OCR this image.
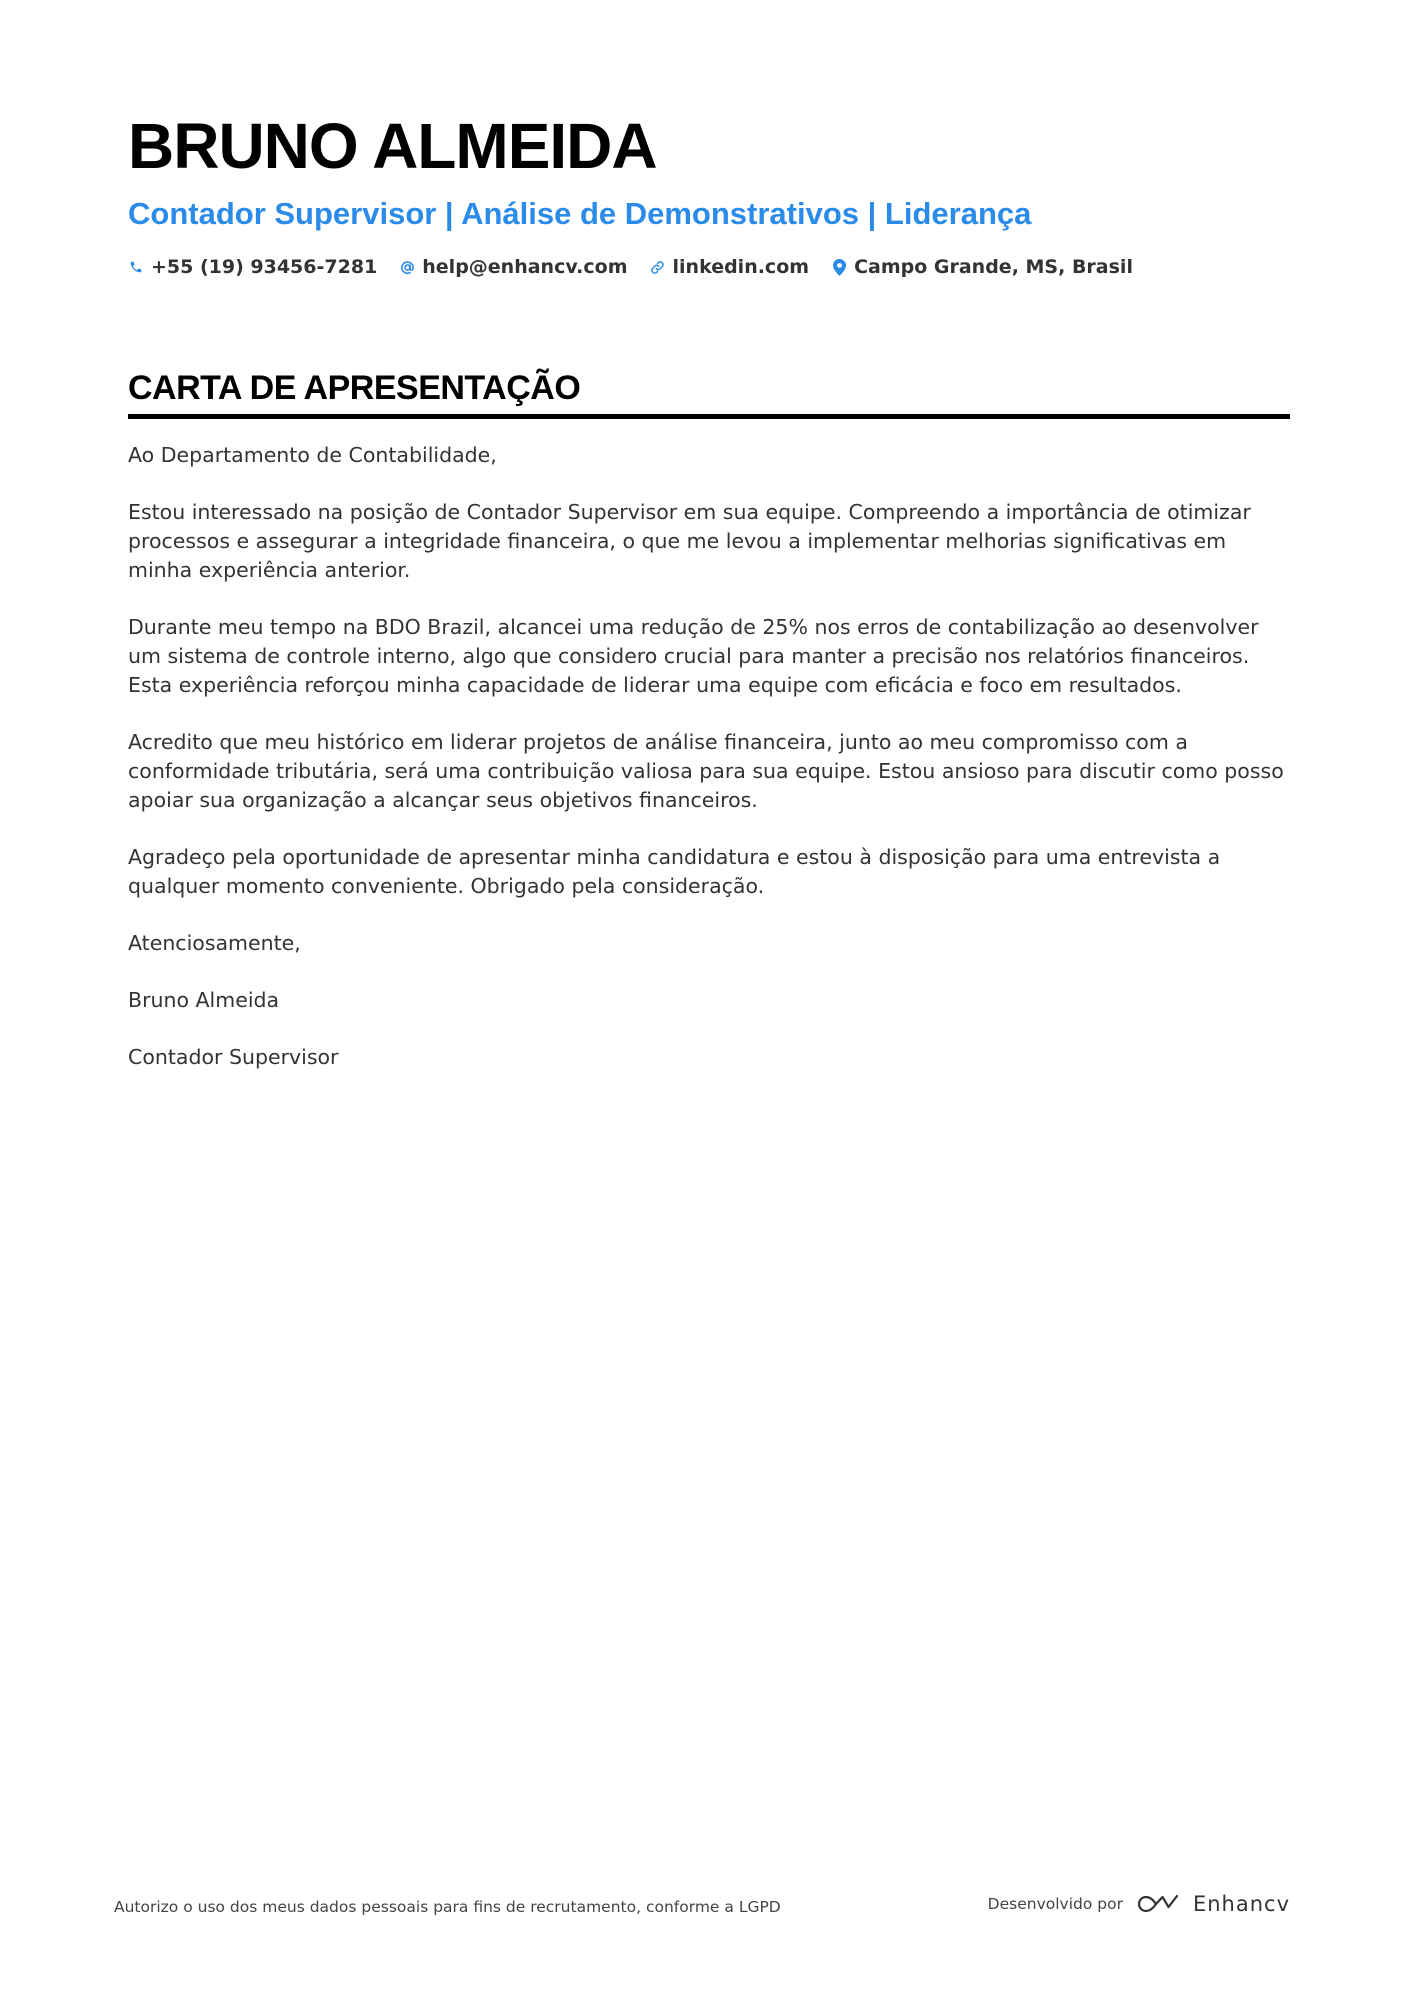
BRUNO ALMEIDA
Contador Supervisor | Análise de Demonstrativos | Liderança
+55 (19) 93456-7281 help@enhancv.com linkedin.com Campo Grande, MS, Brasil
CARTA DE APRESENTAÇÃO

Ao Departamento de Contabilidade,

Estou interessado na posição de Contador Supervisor em sua equipe. Compreendo a importância de otimizar processos e assegurar a integridade financeira, o que me levou a implementar melhorias significativas em minha experiência anterior.

Durante meu tempo na BDO Brazil, alcancei uma redução de 25% nos erros de contabilização ao desenvolver um sistema de controle interno, algo que considero crucial para manter a precisão nos relatórios financeiros. Esta experiência reforçou minha capacidade de liderar uma equipe com eficácia e foco em resultados.

Acredito que meu histórico em liderar projetos de análise financeira, junto ao meu compromisso com a conformidade tributária, será uma contribuição valiosa para sua equipe. Estou ansioso para discutir como posso apoiar sua organização a alcançar seus objetivos financeiros.

Agradeço pela oportunidade de apresentar minha candidatura e estou à disposição para uma entrevista a qualquer momento conveniente. Obrigado pela consideração.

Atenciosamente,

Bruno Almeida

Contador Supervisor

Autorizo o uso dos meus dados pessoais para fins de recrutamento, conforme a LGPD	Desenvolvido por	Enhancv
